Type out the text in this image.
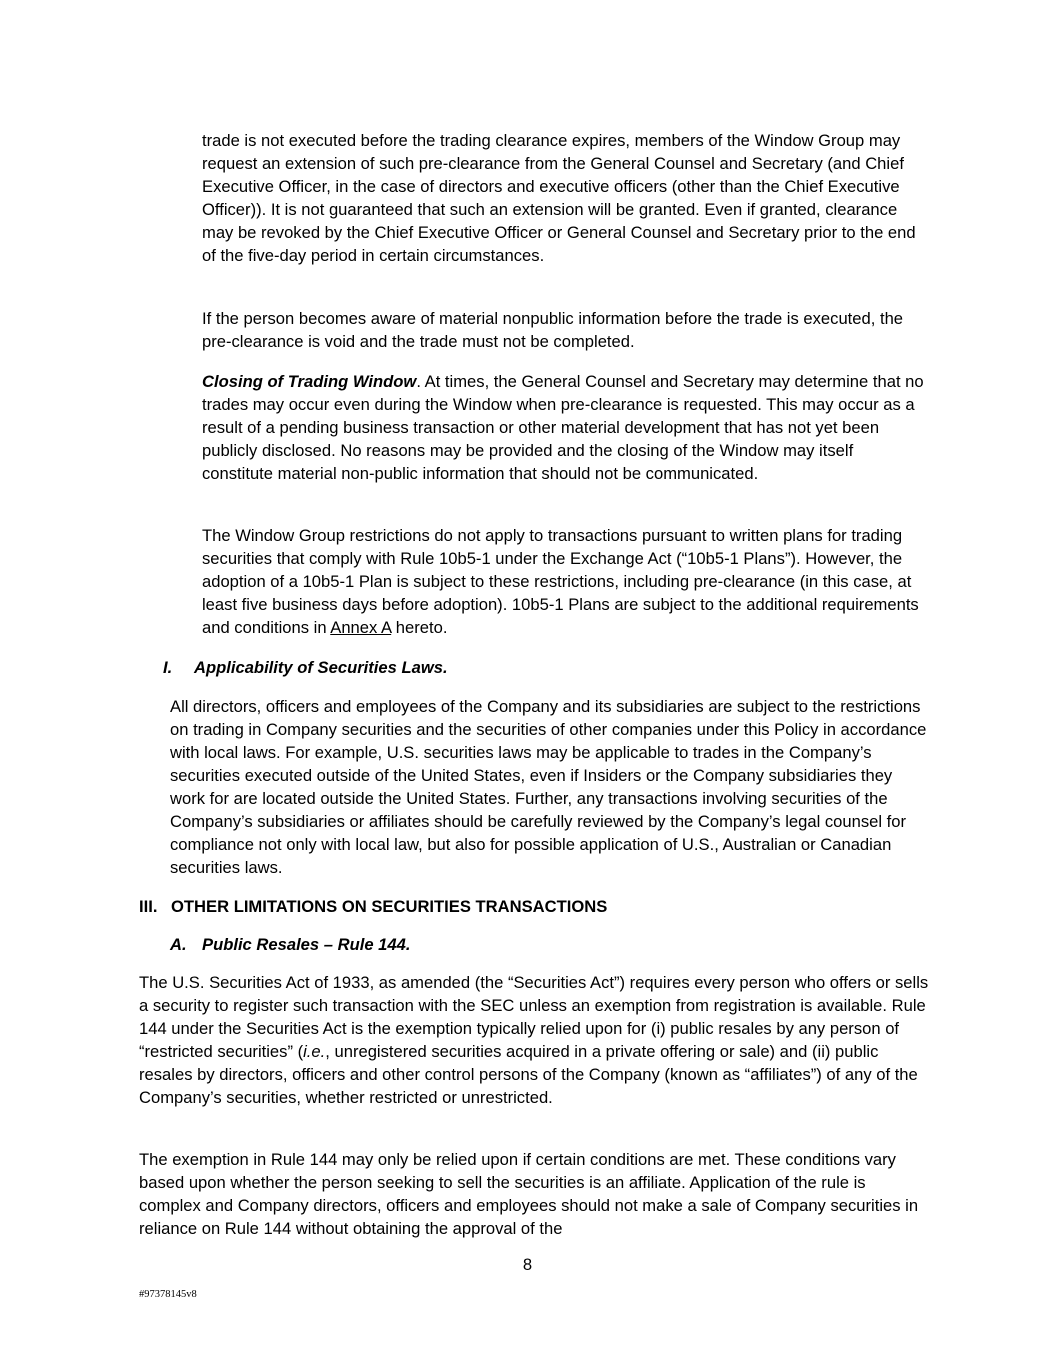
trade is not executed before the trading clearance expires, members of the Window Group may request an extension of such pre-clearance from the General Counsel and Secretary (and Chief Executive Officer, in the case of directors and executive officers (other than the Chief Executive Officer)). It is not guaranteed that such an extension will be granted. Even if granted, clearance may be revoked by the Chief Executive Officer or General Counsel and Secretary prior to the end of the five-day period in certain circumstances.

If the person becomes aware of material nonpublic information before the trade is executed, the pre-clearance is void and the trade must not be completed.

Closing of Trading Window. At times, the General Counsel and Secretary may determine that no trades may occur even during the Window when pre-clearance is requested. This may occur as a result of a pending business transaction or other material development that has not yet been publicly disclosed. No reasons may be provided and the closing of the Window may itself constitute material non-public information that should not be communicated.

The Window Group restrictions do not apply to transactions pursuant to written plans for trading securities that comply with Rule 10b5-1 under the Exchange Act (“10b5-1 Plans”). However, the adoption of a 10b5-1 Plan is subject to these restrictions, including pre-clearance (in this case, at least five business days before adoption). 10b5-1 Plans are subject to the additional requirements and conditions in Annex A hereto.

I. Applicability of Securities Laws.

All directors, officers and employees of the Company and its subsidiaries are subject to the restrictions on trading in Company securities and the securities of other companies under this Policy in accordance with local laws. For example, U.S. securities laws may be applicable to trades in the Company’s securities executed outside of the United States, even if Insiders or the Company subsidiaries they work for are located outside the United States. Further, any transactions involving securities of the Company’s subsidiaries or affiliates should be carefully reviewed by the Company’s legal counsel for compliance not only with local law, but also for possible application of U.S., Australian or Canadian securities laws.

III. OTHER LIMITATIONS ON SECURITIES TRANSACTIONS
A. Public Resales – Rule 144.

The U.S. Securities Act of 1933, as amended (the “Securities Act”) requires every person who offers or sells a security to register such transaction with the SEC unless an exemption from registration is available. Rule 144 under the Securities Act is the exemption typically relied upon for (i) public resales by any person of “restricted securities” (i.e., unregistered securities acquired in a private offering or sale) and (ii) public resales by directors, officers and other control persons of the Company (known as “affiliates”) of any of the Company’s securities, whether restricted or unrestricted.

The exemption in Rule 144 may only be relied upon if certain conditions are met. These conditions vary based upon whether the person seeking to sell the securities is an affiliate. Application of the rule is complex and Company directors, officers and employees should not make a sale of Company securities in reliance on Rule 144 without obtaining the approval of the

8
#97378145v8
